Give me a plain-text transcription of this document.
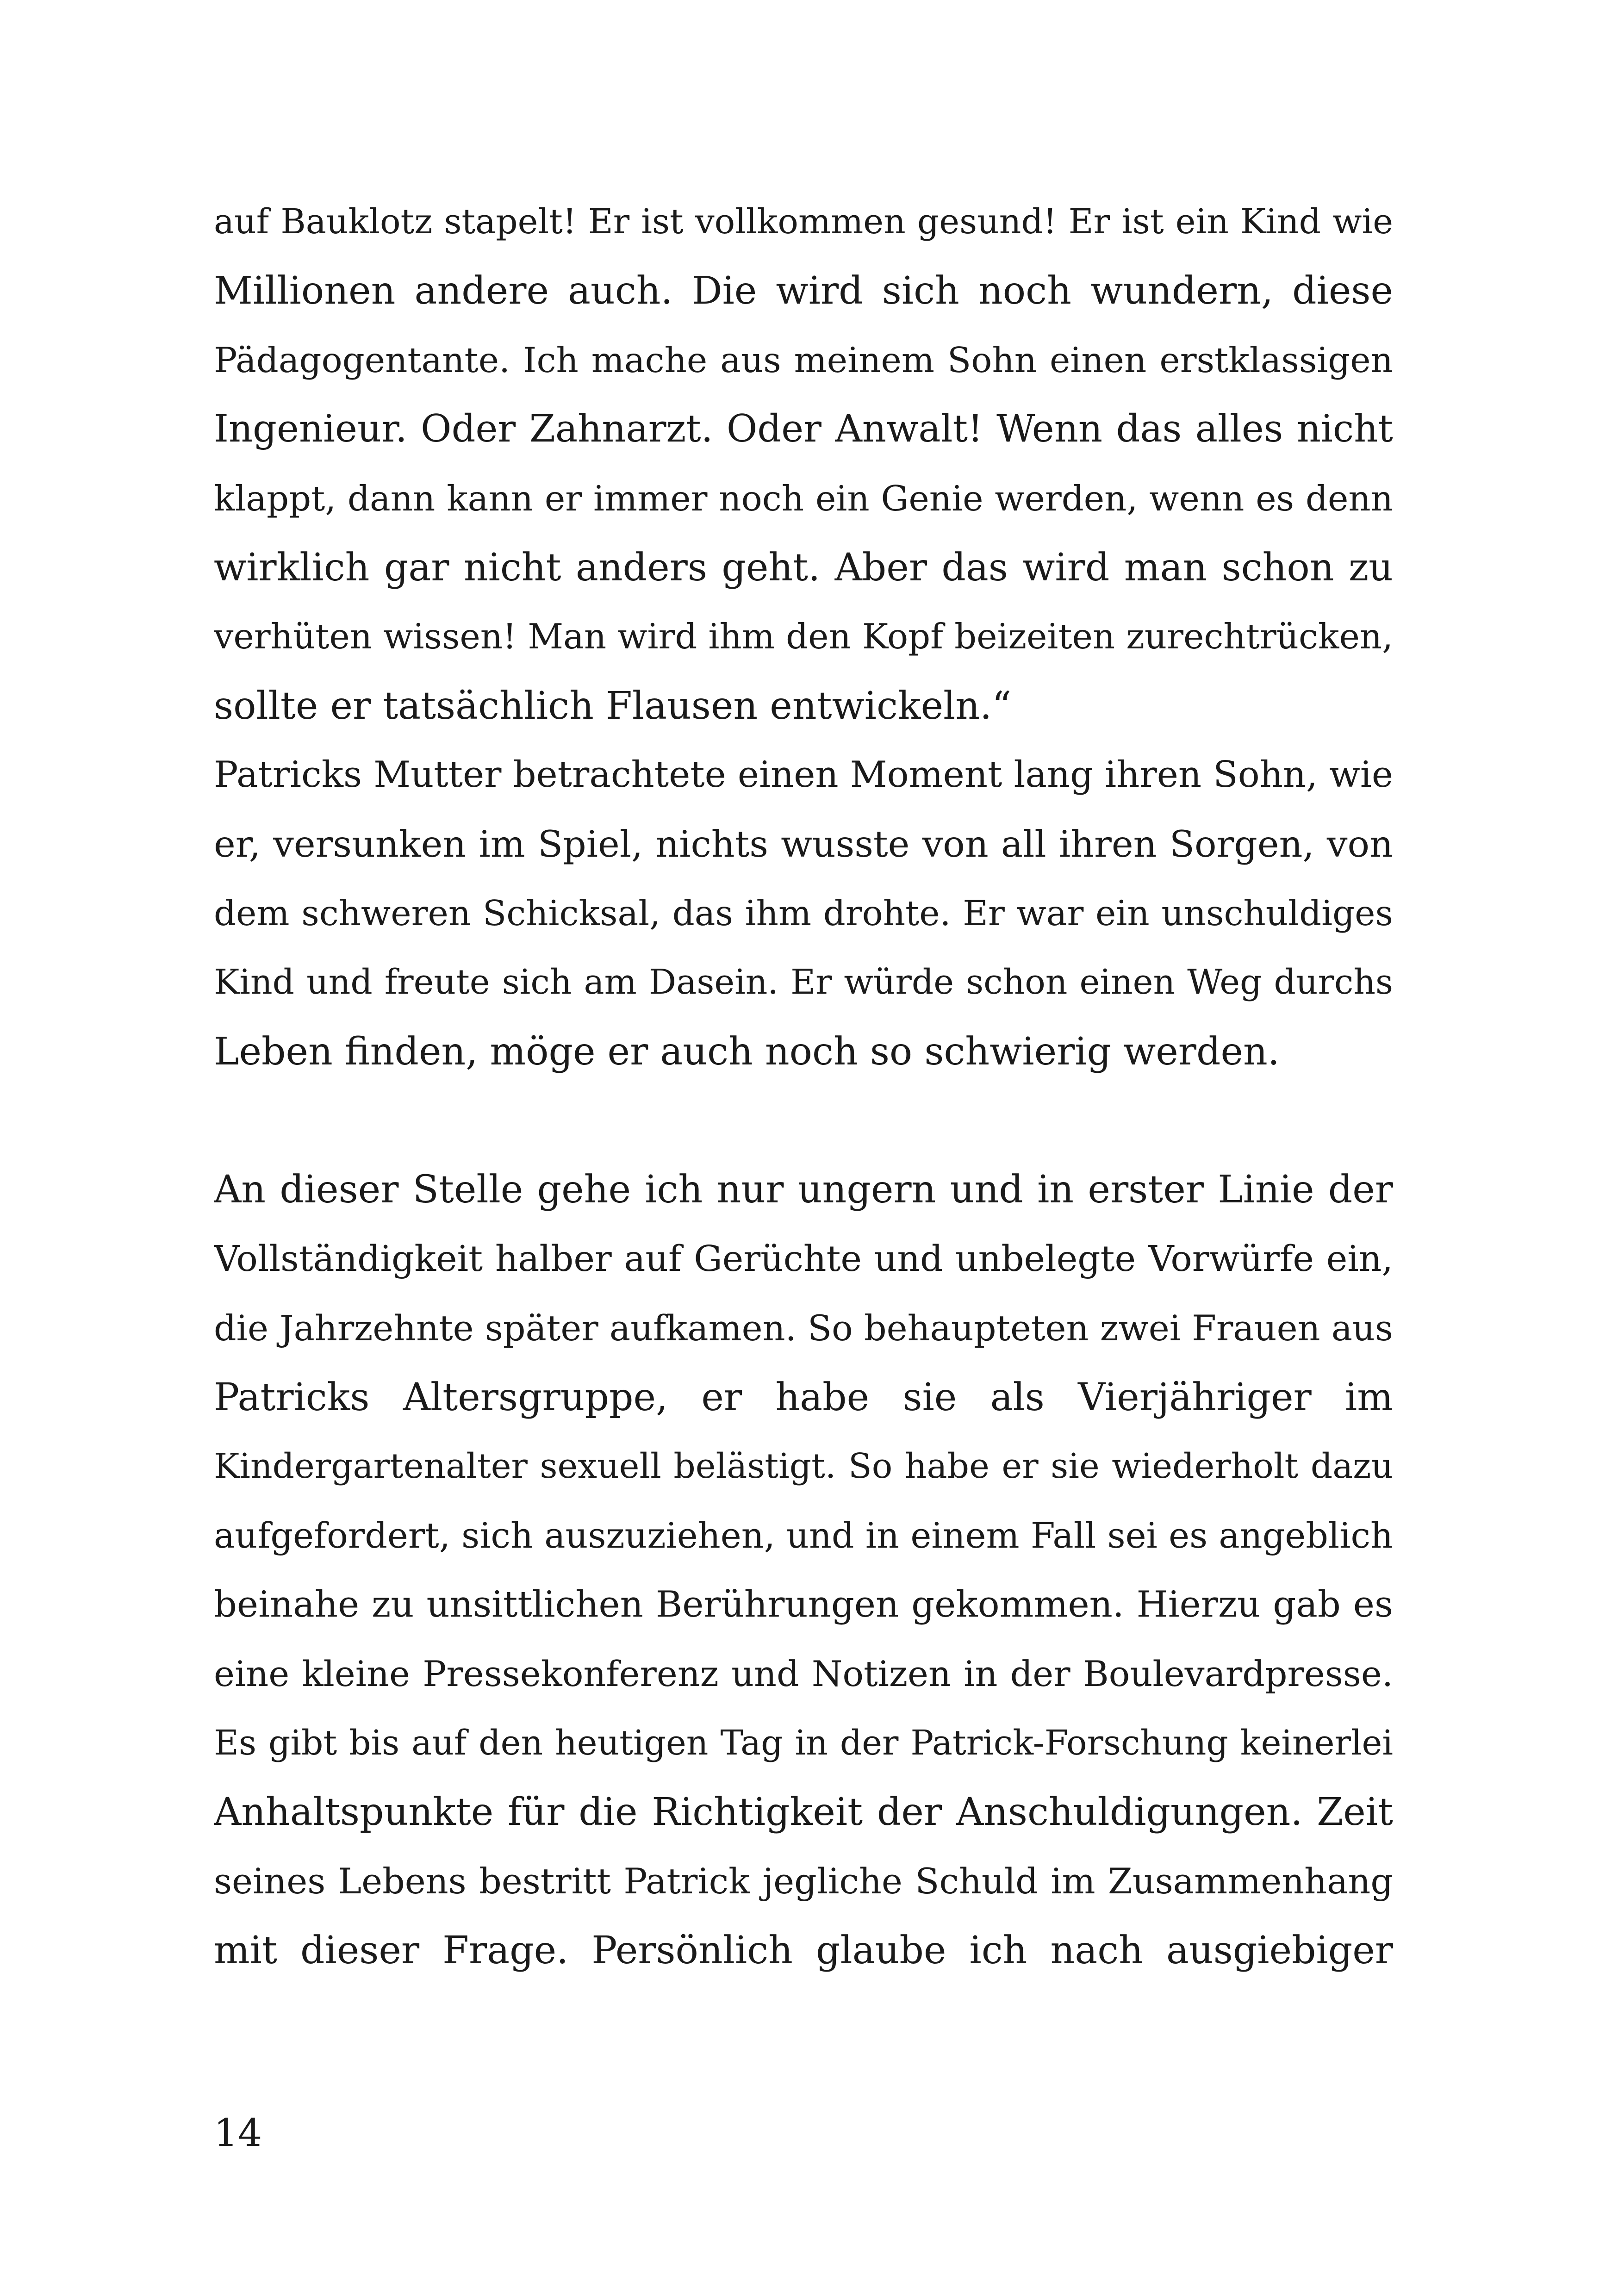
auf Bauklotz stapelt! Er ist vollkommen gesund! Er ist ein Kind wie
Millionen andere auch. Die wird sich noch wundern, diese
Pädagogentante. Ich mache aus meinem Sohn einen erstklassigen
Ingenieur. Oder Zahnarzt. Oder Anwalt! Wenn das alles nicht
klappt, dann kann er immer noch ein Genie werden, wenn es denn
wirklich gar nicht anders geht. Aber das wird man schon zu
verhüten wissen! Man wird ihm den Kopf beizeiten zurechtrücken,
sollte er tatsächlich Flausen entwickeln.“
Patricks Mutter betrachtete einen Moment lang ihren Sohn, wie
er, versunken im Spiel, nichts wusste von all ihren Sorgen, von
dem schweren Schicksal, das ihm drohte. Er war ein unschuldiges
Kind und freute sich am Dasein. Er würde schon einen Weg durchs
Leben finden, möge er auch noch so schwierig werden.
An dieser Stelle gehe ich nur ungern und in erster Linie der
Vollständigkeit halber auf Gerüchte und unbelegte Vorwürfe ein,
die Jahrzehnte später aufkamen. So behaupteten zwei Frauen aus
Patricks Altersgruppe, er habe sie als Vierjähriger im
Kindergartenalter sexuell belästigt. So habe er sie wiederholt dazu
aufgefordert, sich auszuziehen, und in einem Fall sei es angeblich
beinahe zu unsittlichen Berührungen gekommen. Hierzu gab es
eine kleine Pressekonferenz und Notizen in der Boulevardpresse.
Es gibt bis auf den heutigen Tag in der Patrick-Forschung keinerlei
Anhaltspunkte für die Richtigkeit der Anschuldigungen. Zeit
seines Lebens bestritt Patrick jegliche Schuld im Zusammenhang
mit dieser Frage. Persönlich glaube ich nach ausgiebiger
14
